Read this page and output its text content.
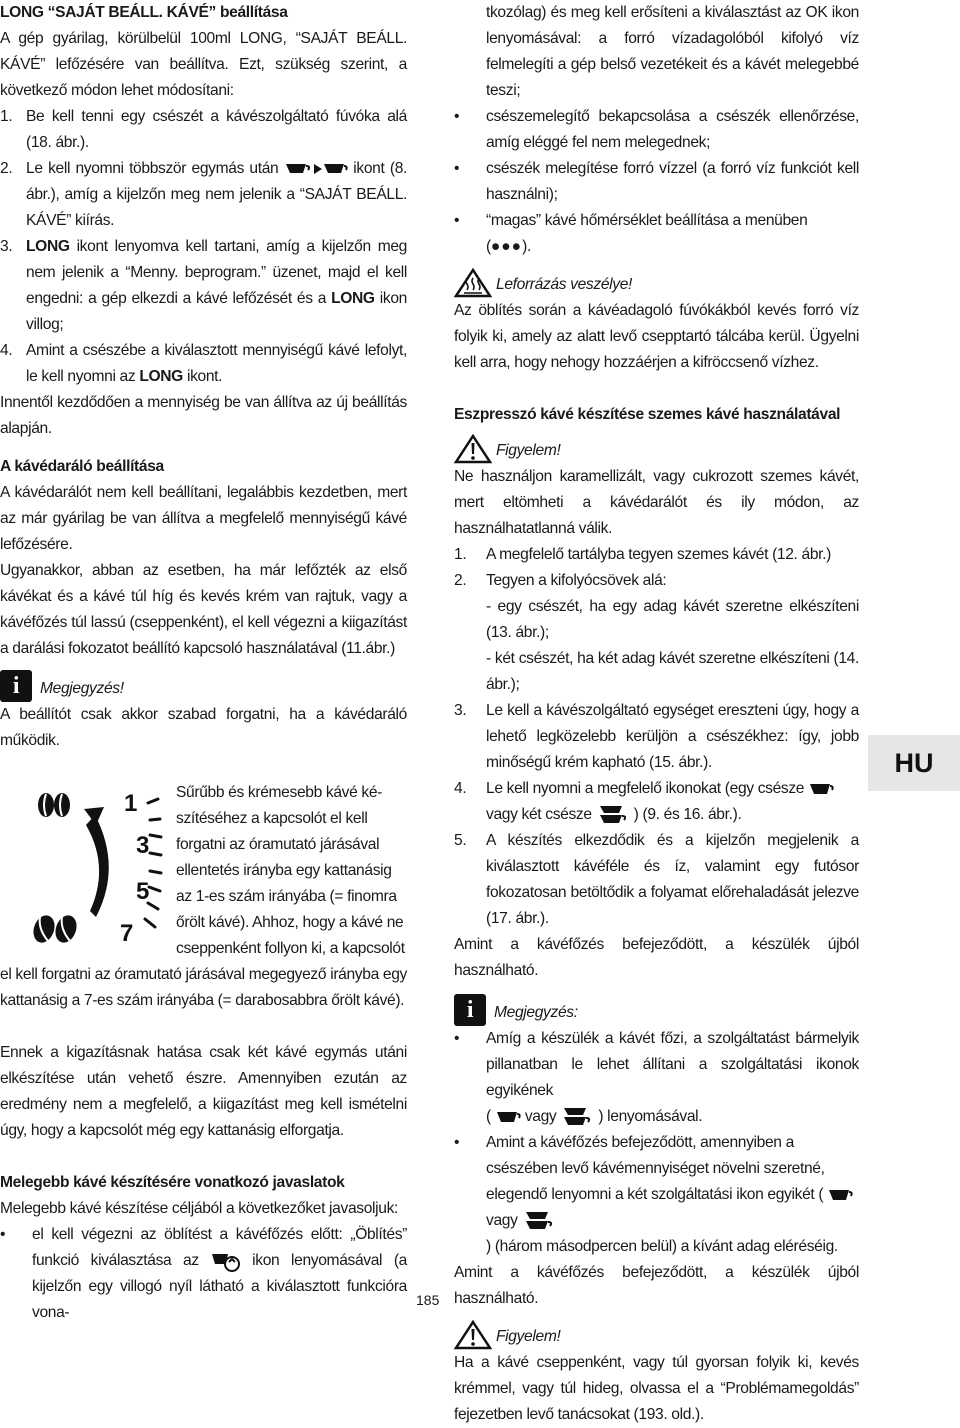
LONG “SAJÁT BEÁLL. KÁVÉ” beállítása

A gép gyárilag, körülbelül 100ml LONG, “SAJÁT BEÁLL. KÁVÉ” lefőzésére van beállítva. Ezt, szükség szerint, a következő módon lehet módosítani:

1. Be kell tenni egy csészét a kávészolgáltató fúvóka alá (18. ábr.).
2. Le kell nyomni többször egymás után	ikont (8. ábr.), amíg a kijelzőn meg nem jelenik a “SAJÁT BEÁLL. KÁVÉ” kiírás.
3. LONG ikont lenyomva kell tartani, amíg a kijelzőn meg nem jelenik a “Menny. beprogram.” üzenet, majd el kell engedni: a gép elkezdi a kávé lefőzését és a LONG ikon villog;
4. Amint a csészébe a kiválasztott mennyiségű kávé lefolyt, le kell nyomni az LONG ikont.

Innentől kezdődően a mennyiség be van állítva az új beállítás alapján.

A kávédaráló beállítása

A kávédarálót nem kell beállítani, legalábbis kezdetben, mert az már gyárilag be van állítva a megfelelő mennyiségű kávé lefőzésére.

Ugyanakkor, abban az esetben, ha már lefőzték az első kávékat és a kávé túl híg és kevés krém van rajtuk, vagy a kávéfőzés túl lassú (cseppenként), el kell végezni a kiigazítást a darálási fokozatot beállító kapcsoló használatával (11.ábr.)

i	Megjegyzés!

A beállítót csak akkor szabad forgatni, ha a kávédaráló működik.

Sűrűbb és krémesebb kávé ké-

szítéséhez a kapcsolót el kell

forgatni az óramutató járásával

ellentetés irányba egy kattanásig

az 1-es szám irányába (= finomra

őrölt kávé). Ahhoz, hogy a kávé ne

cseppenként follyon ki, a kapcsolót

el kell forgatni az óramutató járásával megegyező irányba egy kattanásig a 7-es szám irányába (= darabosabbra őrölt kávé).

Ennek a kigazításnak hatása csak két kávé egymás utáni elkészítése után vehető észre. Amennyiben ezután az eredmény nem a megfelelő, a kiigazítást meg kell ismételni úgy, hogy a kapcsolót még egy kattanásig elforgatja.

Melegebb kávé készítésére vonatkozó javaslatok

Melegebb kávé készítése céljából a következőket javasoljuk:

•	el kell végezni az öblítést a kávéfőzés előtt: „Öblítés” funkció kiválasztása az	ikon lenyomásával (a kijelzőn egy villogó nyíl látható a kiválasztott funkcióra vona-
1
3
5
7

tkozólag) és meg kell erősíteni a kiválasztást az OK ikon lenyomásával: a forró vízadagolóból kifolyó víz felmelegíti a gép belső vezetékeit és a kávét melegebbé teszi;

•	csészemelegítő bekapcsolása a csészék ellenőrzése, amíg eléggé fel nem melegednek;
•	csészék melegítése forró vízzel (a forró víz funkciót kell használni);
•	“magas” kávé hőmérséklet beállítása a menüben
(●●●).
Leforrázás veszélye!

Az öblítés során a kávéadagoló fúvókákból kevés forró víz folyik ki, amely az alatt levő csepptartó tálcába kerül. Ügyelni kell arra, hogy nehogy hozzáérjen a kifröccsenő vízhez.

Eszpresszó kávé készítése szemes kávé használatával

Figyelem!

Ne használjon karamellizált, vagy cukrozott szemes kávét, mert eltömheti a kávédarálót és ily módon, az használhatatlanná válik.

1.	A megfelelő tartályba tegyen szemes kávét (12. ábr.)
2.	Tegyen a kifolyócsövek alá:

- egy csészét, ha egy adag kávét szeretne elkészíteni (13. ábr.);

- két csészét, ha két adag kávét szeretne elkészíteni (14. ábr.);

3.	Le kell a kávészolgáltató egységet ereszteni úgy, hogy a lehető legközelebb kerüljön a csészékhez: így, jobb minőségű krém kapható (15. ábr.).
4.	Le kell nyomni a megfelelő ikonokat (egy csésze  vagy két csésze	) (9. és 16. ábr.).
5.	A készítés elkezdődik és a kijelzőn megjelenik a kiválasztott kávéféle és íz, valamint egy futósor fokozatosan betöltődik a folyamat előrehaladását jelezve (17. ábr.).

Amint a kávéfőzés befejeződött, a készülék újból használható.

i	Megjegyzés:
•	Amíg a készülék a kávét főzi, a szolgáltatást bármelyik pillanatban le lehet állítani a szolgáltatási ikonok egyikének
( vagy	) lenyomásával.
•	Amint a kávéfőzés befejeződött, amennyiben a csészében levő kávémennyiséget növelni szeretné, elegendő lenyomni a két szolgáltatási ikon egyikét (  vagy
) (három másodpercen belül) a kívánt adag eléréséig.

Amint a kávéfőzés befejeződött, a készülék újból használható.

Figyelem!

Ha a kávé cseppenként, vagy túl gyorsan folyik ki, kevés krémmel, vagy túl hideg, olvassa el a “Problémamegoldás” fejezetben levő tanácsokat (193. old.).

HU
185
